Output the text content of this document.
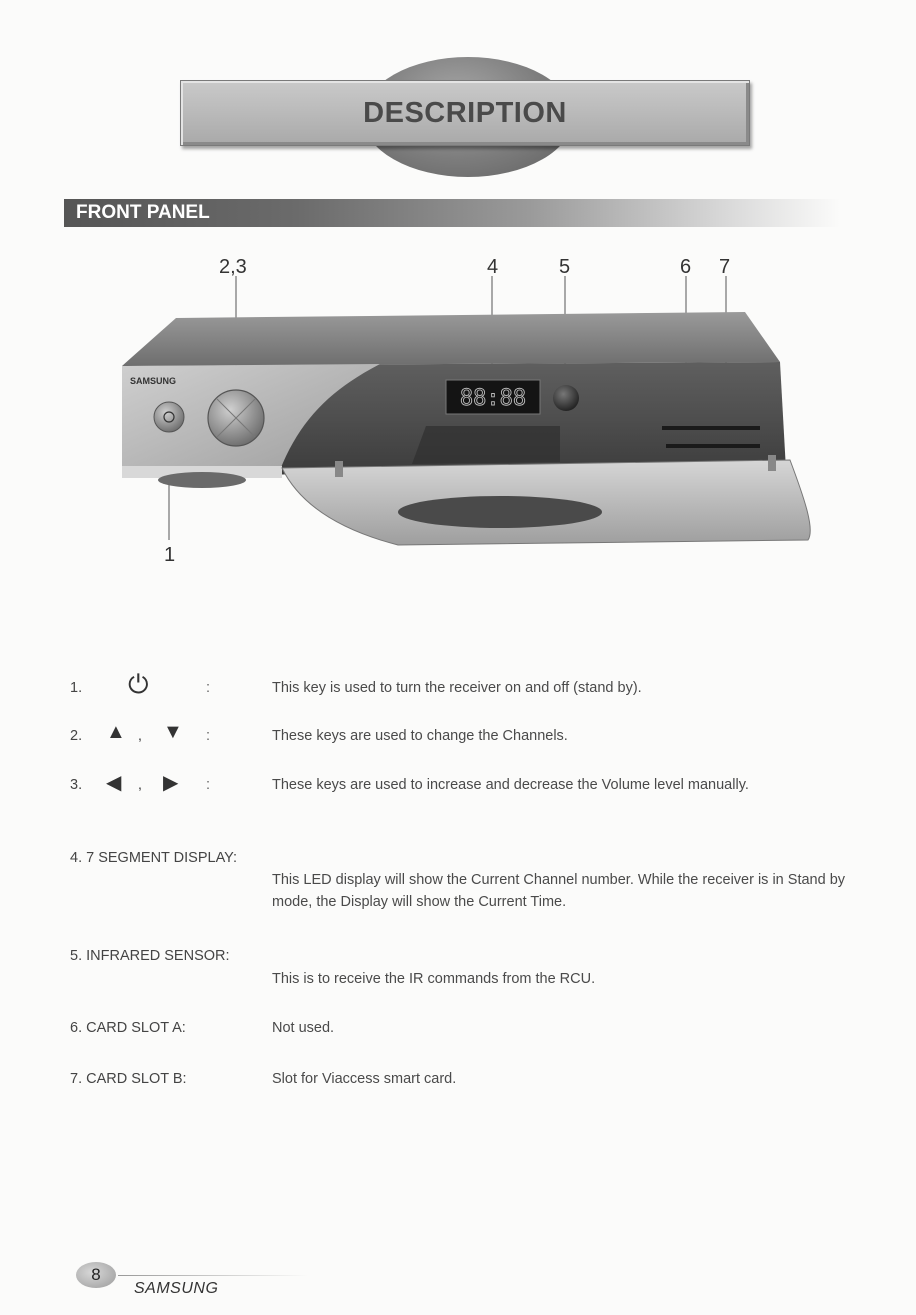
DESCRIPTION
FRONT PANEL
2,3	4	5	6 7
1
SAMSUNG
88:88
1. ⏻	:	This key is used to turn the receiver on and off (stand by).
2. ▲ , ▼ :	These keys are used to change the Channels.
3. ◀ , ▶ :	These keys are used to increase and decrease the Volume level manually.
4. 7 SEGMENT DISPLAY:
This LED display will show the Current Channel number. While the receiver is in Stand by mode, the Display will show the Current Time.
5. INFRARED SENSOR:
This is to receive the IR commands from the RCU.
6. CARD SLOT A:	Not used.
7. CARD SLOT B:	Slot for Viaccess smart card.
8
SAMSUNG
